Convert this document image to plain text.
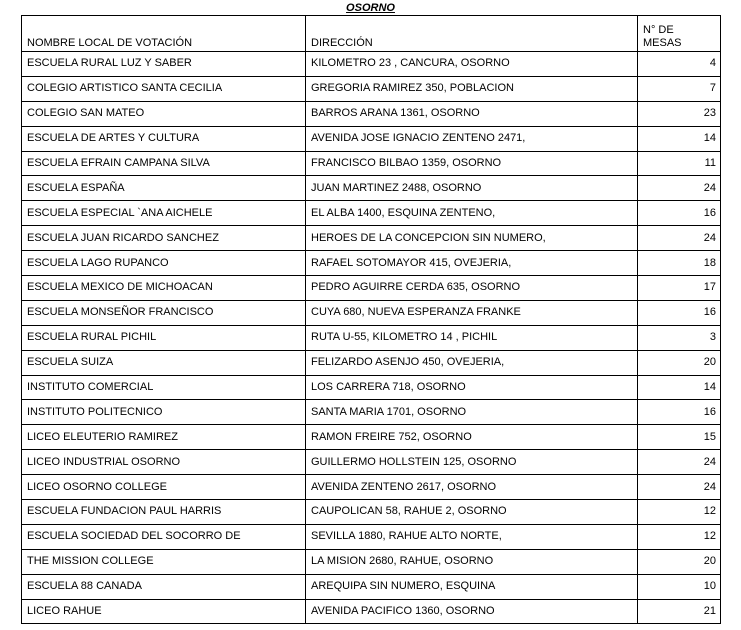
OSORNO
NOMBRE LOCAL DE VOTACIÓN	DIRECCIÓN	N° DE
MESAS
ESCUELA RURAL LUZ Y SABER	KILOMETRO 23 , CANCURA, OSORNO	4
COLEGIO ARTISTICO SANTA CECILIA	GREGORIA RAMIREZ 350, POBLACION	7
COLEGIO SAN MATEO	BARROS ARANA 1361, OSORNO	23
ESCUELA DE ARTES Y CULTURA	AVENIDA JOSE IGNACIO ZENTENO 2471,	14
ESCUELA EFRAIN CAMPANA SILVA	FRANCISCO BILBAO 1359, OSORNO	11
ESCUELA ESPAÑA	JUAN MARTINEZ 2488, OSORNO	24
ESCUELA ESPECIAL `ANA AICHELE	EL ALBA 1400, ESQUINA ZENTENO,	16
ESCUELA JUAN RICARDO SANCHEZ	HEROES DE LA CONCEPCION SIN NUMERO,	24
ESCUELA LAGO RUPANCO	RAFAEL SOTOMAYOR 415, OVEJERIA,	18
ESCUELA MEXICO DE MICHOACAN	PEDRO AGUIRRE CERDA 635, OSORNO	17
ESCUELA MONSEÑOR FRANCISCO	CUYA 680, NUEVA ESPERANZA FRANKE	16
ESCUELA RURAL PICHIL	RUTA U-55, KILOMETRO 14 , PICHIL	3
ESCUELA SUIZA	FELIZARDO ASENJO 450, OVEJERIA,	20
INSTITUTO COMERCIAL	LOS CARRERA 718, OSORNO	14
INSTITUTO POLITECNICO	SANTA MARIA 1701, OSORNO	16
LICEO ELEUTERIO RAMIREZ	RAMON FREIRE 752, OSORNO	15
LICEO INDUSTRIAL OSORNO	GUILLERMO HOLLSTEIN 125, OSORNO	24
LICEO OSORNO COLLEGE	AVENIDA ZENTENO 2617, OSORNO	24
ESCUELA FUNDACION PAUL HARRIS	CAUPOLICAN 58, RAHUE 2, OSORNO	12
ESCUELA SOCIEDAD DEL SOCORRO DE	SEVILLA 1880, RAHUE ALTO NORTE,	12
THE MISSION COLLEGE	LA MISION 2680, RAHUE, OSORNO	20
ESCUELA 88 CANADA	AREQUIPA SIN NUMERO, ESQUINA	10
LICEO RAHUE	AVENIDA PACIFICO 1360, OSORNO	21
